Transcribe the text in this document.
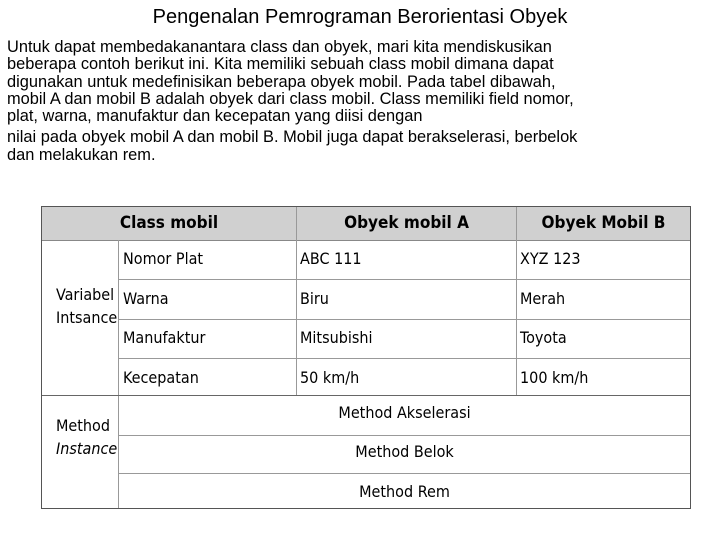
Pengenalan Pemrograman Berorientasi Obyek

Untuk dapat membedakanantara class dan obyek, mari kita mendiskusikan
beberapa contoh berikut ini. Kita memiliki sebuah class mobil dimana dapat
digunakan untuk medefinisikan beberapa obyek mobil. Pada tabel dibawah,
mobil A dan mobil B adalah obyek dari class mobil. Class memiliki field nomor,
plat, warna, manufaktur dan kecepatan yang diisi dengan
nilai pada obyek mobil A dan mobil B. Mobil juga dapat berakselerasi, berbelok
dan melakukan rem.

Class mobil	Obyek mobil A	Obyek Mobil B
Variabel
Intsance
Nomor Plat	ABC 111	XYZ 123
Warna	Biru	Merah
Manufaktur	Mitsubishi	Toyota
Kecepatan	50 km/h	100 km/h
Method
Instance
Method Akselerasi
Method Belok
Method Rem
